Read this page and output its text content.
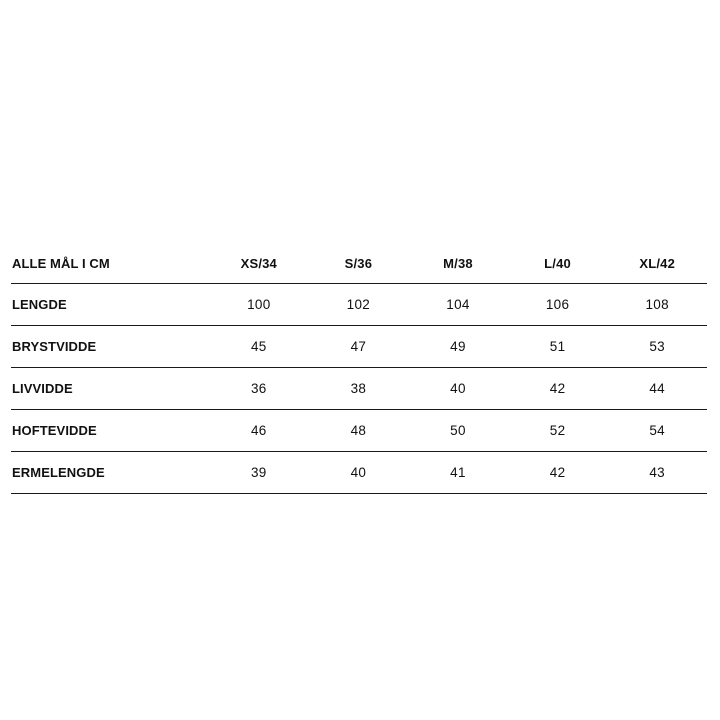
ALLE MÅL I CM	XS/34	S/36	M/38	L/40	XL/42
LENGDE	100	102	104	106	108
BRYSTVIDDE	45	47	49	51	53
LIVVIDDE	36	38	40	42	44
HOFTEVIDDE	46	48	50	52	54
ERMELENGDE	39	40	41	42	43
